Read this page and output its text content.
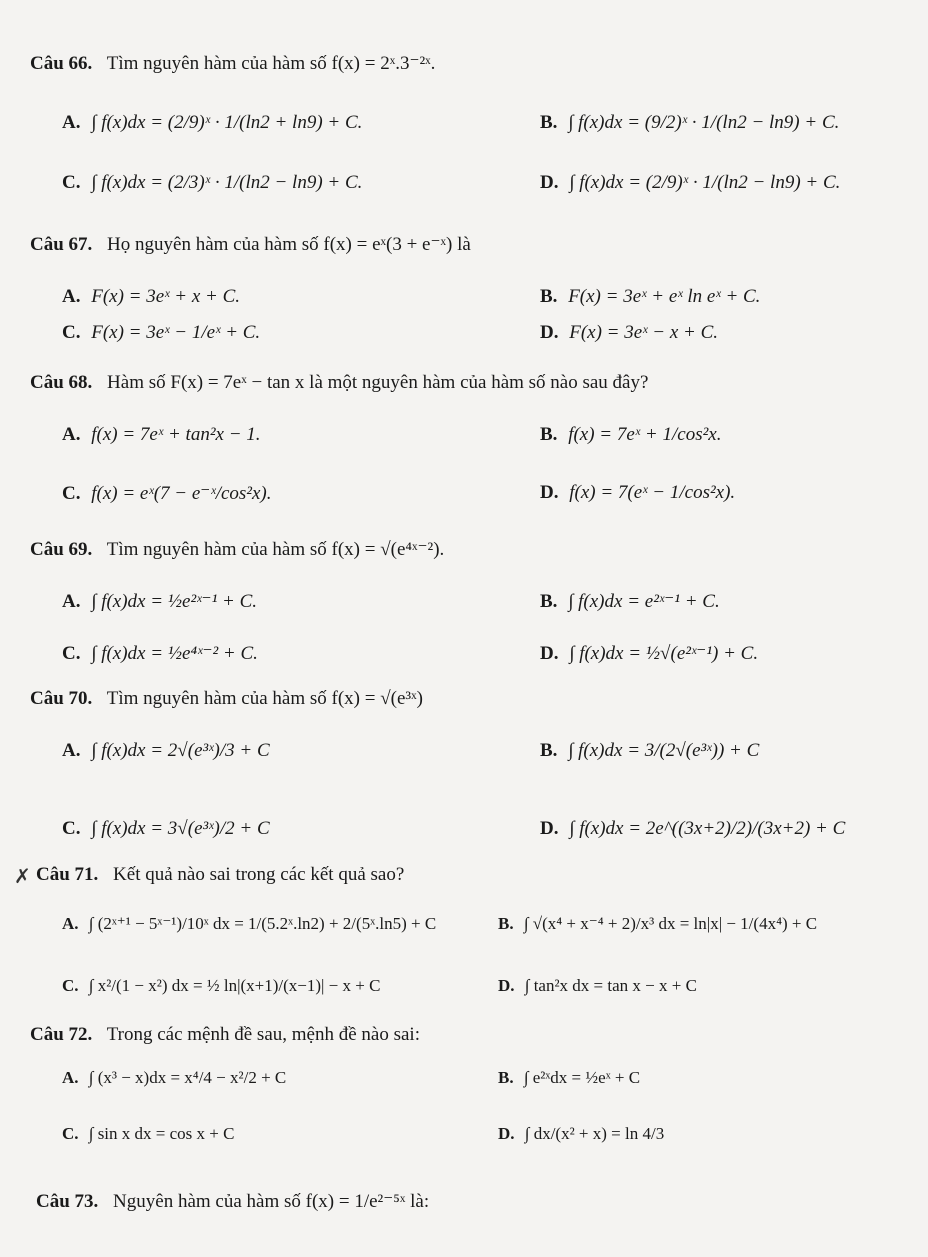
Câu 66. Tìm nguyên hàm của hàm số f(x) = 2ˣ.3⁻²ˣ.
A. ∫ f(x)dx = (2/9)ˣ · 1/(ln2 + ln9) + C.	B. ∫ f(x)dx = (9/2)ˣ · 1/(ln2 − ln9) + C.
C. ∫ f(x)dx = (2/3)ˣ · 1/(ln2 − ln9) + C.	D. ∫ f(x)dx = (2/9)ˣ · 1/(ln2 − ln9) + C.
Câu 67. Họ nguyên hàm của hàm số f(x) = eˣ(3 + e⁻ˣ) là
A. F(x) = 3eˣ + x + C.	B. F(x) = 3eˣ + eˣ ln eˣ + C.
C. F(x) = 3eˣ − 1/eˣ + C.	D. F(x) = 3eˣ − x + C.
Câu 68. Hàm số F(x) = 7eˣ − tan x là một nguyên hàm của hàm số nào sau đây?
A. f(x) = 7eˣ + tan²x − 1.	B. f(x) = 7eˣ + 1/cos²x.
C. f(x) = eˣ(7 − e⁻ˣ/cos²x).	D. f(x) = 7(eˣ − 1/cos²x).
Câu 69. Tìm nguyên hàm của hàm số f(x) = √(e⁴ˣ⁻²).
A. ∫ f(x)dx = ½e²ˣ⁻¹ + C.	B. ∫ f(x)dx = e²ˣ⁻¹ + C.
C. ∫ f(x)dx = ½e⁴ˣ⁻² + C.	D. ∫ f(x)dx = ½√(e²ˣ⁻¹) + C.
Câu 70. Tìm nguyên hàm của hàm số f(x) = √(e³ˣ)
A. ∫ f(x)dx = 2√(e³ˣ)/3 + C	B. ∫ f(x)dx = 3/(2√(e³ˣ)) + C
C. ∫ f(x)dx = 3√(e³ˣ)/2 + C	D. ∫ f(x)dx = 2e^((3x+2)/2)/(3x+2) + C
✗ Câu 71. Kết quả nào sai trong các kết quả sao?
A. ∫ (2ˣ⁺¹ − 5ˣ⁻¹)/10ˣ dx = 1/(5.2ˣ.ln2) + 2/(5ˣ.ln5) + C	B. ∫ √(x⁴ + x⁻⁴ + 2)/x³ dx = ln|x| − 1/(4x⁴) + C
C. ∫ x²/(1 − x²) dx = ½ ln|(x+1)/(x−1)| − x + C	D. ∫ tan²x dx = tan x − x + C
Câu 72. Trong các mệnh đề sau, mệnh đề nào sai:
A. ∫ (x³ − x)dx = x⁴/4 − x²/2 + C	B. ∫ e²ˣdx = ½eˣ + C
C. ∫ sin x dx = cos x + C	D. ∫ dx/(x² + x) = ln 4/3
Câu 73. Nguyên hàm của hàm số f(x) = 1/e²⁻⁵ˣ là:
